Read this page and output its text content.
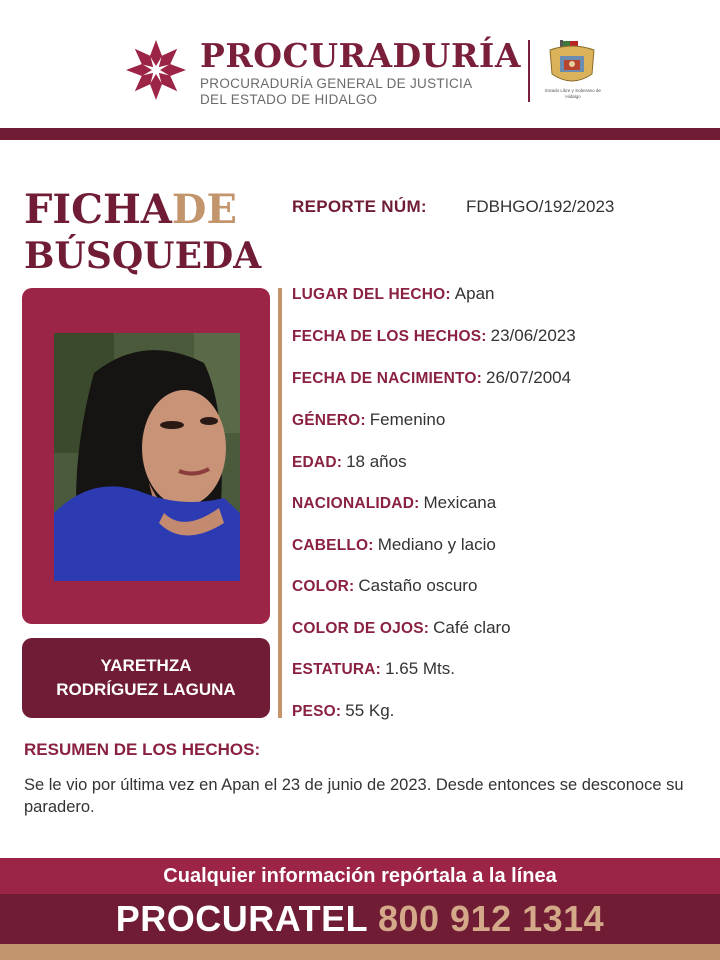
PROCURADURÍA
PROCURADURÍA GENERAL DE JUSTICIA
DEL ESTADO DE HIDALGO
Estado Libre y Soberano de Hidalgo
FICHADE
BÚSQUEDA
REPORTE NÚM: FDBHGO/192/2023
YARETHZA
RODRÍGUEZ LAGUNA
LUGAR DEL HECHO: Apan
FECHA DE LOS HECHOS: 23/06/2023
FECHA DE NACIMIENTO: 26/07/2004
GÉNERO: Femenino
EDAD: 18 años
NACIONALIDAD: Mexicana
CABELLO: Mediano y lacio
COLOR: Castaño oscuro
COLOR DE OJOS: Café claro
ESTATURA: 1.65 Mts.
PESO: 55 Kg.
RESUMEN DE LOS HECHOS:
Se le vio por última vez en Apan el 23 de junio de 2023. Desde entonces se desconoce su paradero.
Cualquier información repórtala a la línea
PROCURATEL 800 912 1314
